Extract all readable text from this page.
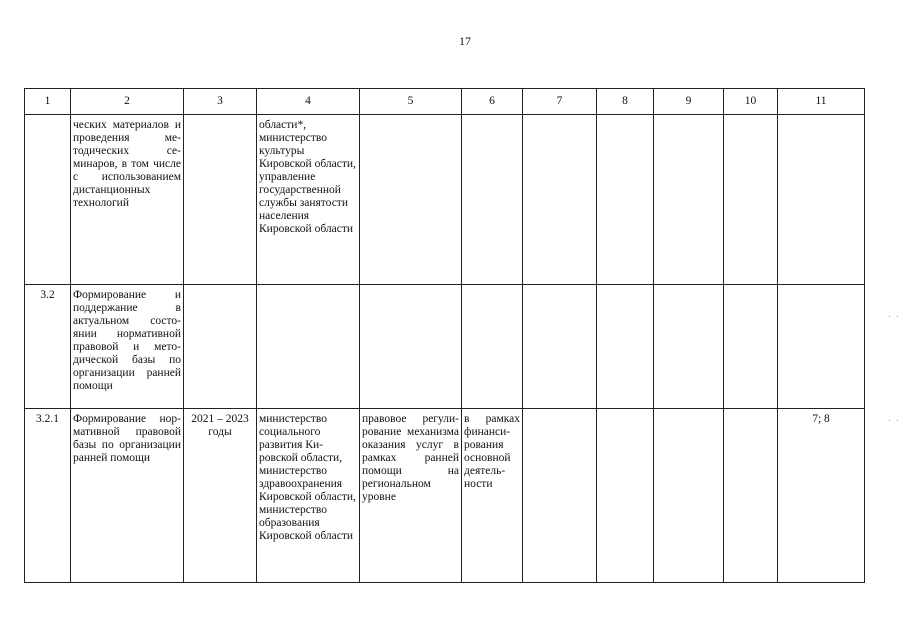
17
1	2	3	4	5	6	7	8	9	10	11
	ческих материалов и проведения методических семинаров, в том числе с использованием дистанционных технологий		области*, министерство культуры Кировской области, управление государственной службы занятости населения Кировской области							
3.2	Формирование и поддержание в актуальном состоянии нормативной правовой и методической базы по организации ранней помощи									
3.2.1	Формирование нормативной правовой базы по организации ранней помощи	2021 – 2023 годы	министерство социального развития Кировской области, министерство здравоохранения Кировской области, министерство образования Кировской области	правовое регулирование механизма оказания услуг в рамках ранней помощи на региональном уровне	в рамках финансирования основной деятельности					7; 8
· ·
· ·
